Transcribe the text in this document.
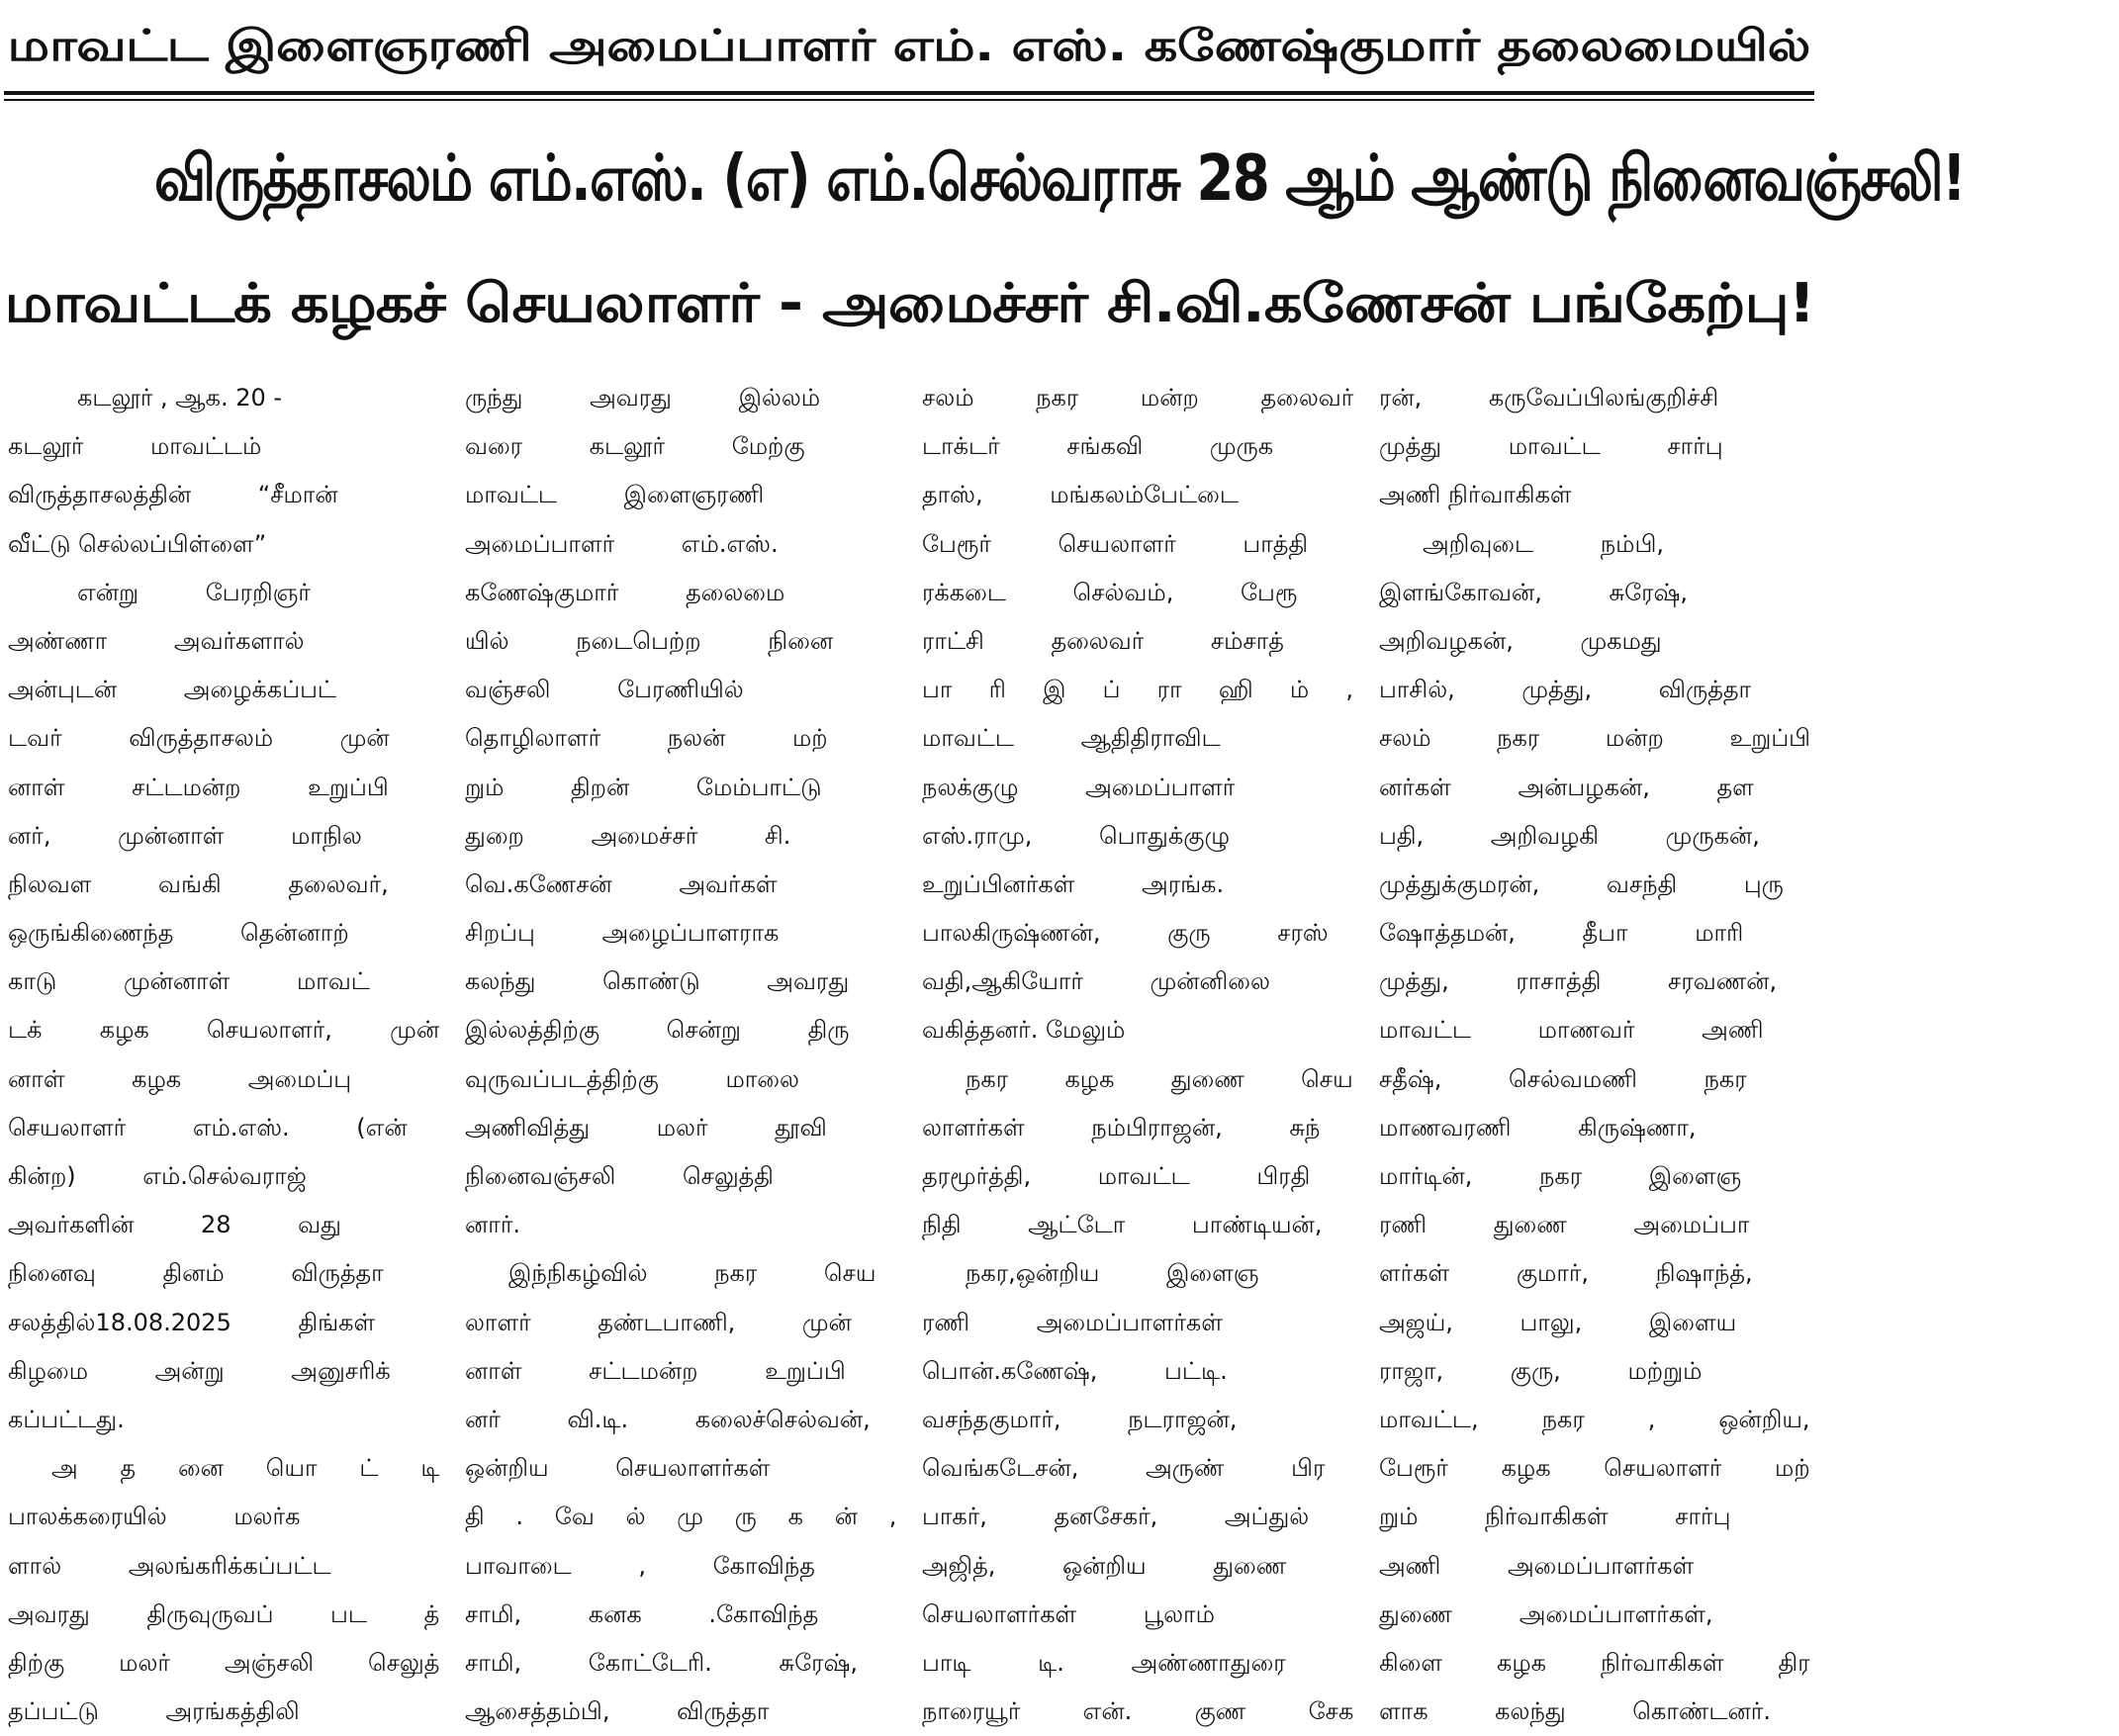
மாவட்ட இளைஞரணி அமைப்பாளர் எம். எஸ். கணேஷ்குமார் தலைமையில்
விருத்தாசலம் எம்.எஸ். (எ) எம்.செல்வராசு 28 ஆம் ஆண்டு நினைவஞ்சலி!
மாவட்டக் கழகச் செயலாளர் - அமைச்சர் சி.வி.கணேசன் பங்கேற்பு!
கடலூர் , ஆக. 20 -
கடலூர் மாவட்டம்
விருத்தாசலத்தின் “சீமான்
வீட்டு செல்லப்பிள்ளை”
என்று பேரறிஞர்
அண்ணா அவர்களால்
அன்புடன் அழைக்கப்பட்
டவர் விருத்தாசலம் முன்
னாள் சட்டமன்ற உறுப்பி
னர், முன்னாள் மாநில
நிலவள வங்கி தலைவர்,
ஒருங்கிணைந்த தென்னாற்
காடு முன்னாள் மாவட்
டக் கழக செயலாளர், முன்
னாள் கழக அமைப்பு
செயலாளர் எம்.எஸ். (என்
கின்ற) எம்.செல்வராஜ்
அவர்களின் 28 வது
நினைவு தினம் விருத்தா
சலத்தில்18.08.2025 திங்கள்
கிழமை அன்று அனுசரிக்
கப்பட்டது.
அ த னை யொ ட் டி
பாலக்கரையில் மலர்க
ளால் அலங்கரிக்கப்பட்ட
அவரது திருவுருவப் பட த்
திற்கு மலர் அஞ்சலி செலுத்
தப்பட்டு அரங்கத்திலி
ருந்து அவரது இல்லம்
வரை கடலூர் மேற்கு
மாவட்ட இளைஞரணி
அமைப்பாளர் எம்.எஸ்.
கணேஷ்குமார் தலைமை
யில் நடைபெற்ற நினை
வஞ்சலி பேரணியில்
தொழிலாளர் நலன் மற்
றும் திறன் மேம்பாட்டு
துறை அமைச்சர் சி.
வெ.கணேசன் அவர்கள்
சிறப்பு அழைப்பாளராக
கலந்து கொண்டு அவரது
இல்லத்திற்கு சென்று திரு
வுருவப்படத்திற்கு மாலை
அணிவித்து மலர் தூவி
நினைவஞ்சலி செலுத்தி
னார்.
இந்நிகழ்வில் நகர செய
லாளர் தண்டபாணி, முன்
னாள் சட்டமன்ற உறுப்பி
னர் வி.டி. கலைச்செல்வன்,
ஒன்றிய செயலாளர்கள்
தி . வே ல் மு ரு க ன் ,
பாவாடை , கோவிந்த
சாமி, கனக .கோவிந்த
சாமி, கோட்டேரி. சுரேஷ்,
ஆசைத்தம்பி, விருத்தா
சலம் நகர மன்ற தலைவர்
டாக்டர் சங்கவி முருக
தாஸ், மங்கலம்பேட்டை
பேரூர் செயலாளர் பாத்தி
ரக்கடை செல்வம், பேரூ
ராட்சி தலைவர் சம்சாத்
பா ரி இ ப் ரா ஹி ம் ,
மாவட்ட ஆதிதிராவிட
நலக்குழு அமைப்பாளர்
எஸ்.ராமு, பொதுக்குழு
உறுப்பினர்கள் அரங்க.
பாலகிருஷ்ணன், குரு சரஸ்
வதி,ஆகியோர் முன்னிலை
வகித்தனர். மேலும்
நகர கழக துணை செய
லாளர்கள் நம்பிராஜன், சுந்
தரமூர்த்தி, மாவட்ட பிரதி
நிதி ஆட்டோ பாண்டியன்,
நகர,ஒன்றிய இளைஞ
ரணி அமைப்பாளர்கள்
பொன்.கணேஷ், பட்டி.
வசந்தகுமார், நடராஜன்,
வெங்கடேசன், அருண் பிர
பாகர், தனசேகர், அப்துல்
அஜித், ஒன்றிய துணை
செயலாளர்கள் பூலாம்
பாடி டி. அண்ணாதுரை
நாரையூர் என். குண சேக
ரன், கருவேப்பிலங்குறிச்சி
முத்து மாவட்ட சார்பு
அணி நிர்வாகிகள்
அறிவுடை நம்பி,
இளங்கோவன், சுரேஷ்,
அறிவழகன், முகமது
பாசில், முத்து, விருத்தா
சலம் நகர மன்ற உறுப்பி
னர்கள் அன்பழகன், தள
பதி, அறிவழகி முருகன்,
முத்துக்குமரன், வசந்தி புரு
ஷோத்தமன், தீபா மாரி
முத்து, ராசாத்தி சரவணன்,
மாவட்ட மாணவர் அணி
சதீஷ், செல்வமணி நகர
மாணவரணி கிருஷ்ணா,
மார்டின், நகர இளைஞ
ரணி துணை அமைப்பா
ளர்கள் குமார், நிஷாந்த்,
அஜய், பாலு, இளைய
ராஜா, குரு, மற்றும்
மாவட்ட, நகர , ஒன்றிய,
பேரூர் கழக செயலாளர் மற்
றும் நிர்வாகிகள் சார்பு
அணி அமைப்பாளர்கள்
துணை அமைப்பாளர்கள்,
கிளை கழக நிர்வாகிகள் திர
ளாக கலந்து கொண்டனர்.
